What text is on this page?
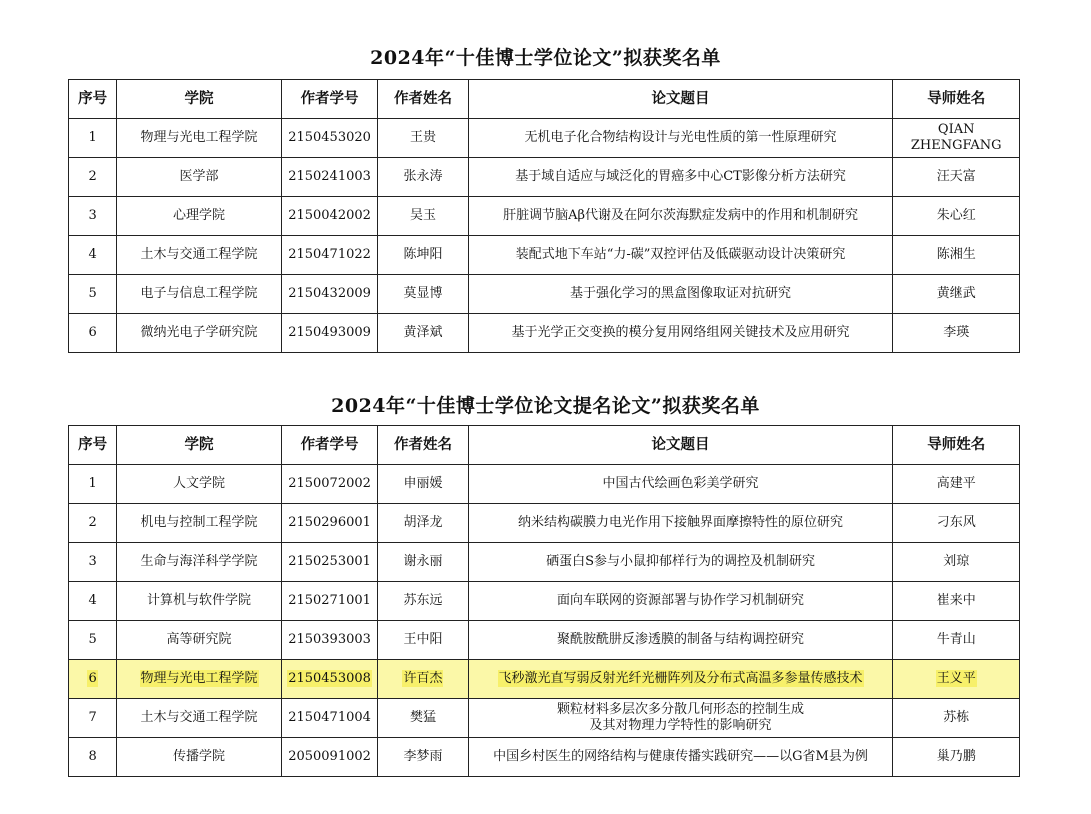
2024年“十佳博士学位论文”拟获奖名单
序号	学院	作者学号	作者姓名	论文题目	导师姓名
1	物理与光电工程学院	2150453020	王贵	无机电子化合物结构设计与光电性质的第一性原理研究	QIAN ZHENGFANG
2	医学部	2150241003	张永涛	基于域自适应与域泛化的胃癌多中心CT影像分析方法研究	汪天富
3	心理学院	2150042002	吴玉	肝脏调节脑Aβ代谢及在阿尔茨海默症发病中的作用和机制研究	朱心红
4	土木与交通工程学院	2150471022	陈坤阳	装配式地下车站“力-碳”双控评估及低碳驱动设计决策研究	陈湘生
5	电子与信息工程学院	2150432009	莫显博	基于强化学习的黑盒图像取证对抗研究	黄继武
6	微纳光电子学研究院	2150493009	黄泽斌	基于光学正交变换的模分复用网络组网关键技术及应用研究	李瑛
2024年“十佳博士学位论文提名论文”拟获奖名单
序号	学院	作者学号	作者姓名	论文题目	导师姓名
1	人文学院	2150072002	申丽媛	中国古代绘画色彩美学研究	高建平
2	机电与控制工程学院	2150296001	胡泽龙	纳米结构碳膜力电光作用下接触界面摩擦特性的原位研究	刁东风
3	生命与海洋科学学院	2150253001	谢永丽	硒蛋白S参与小鼠抑郁样行为的调控及机制研究	刘琼
4	计算机与软件学院	2150271001	苏东远	面向车联网的资源部署与协作学习机制研究	崔来中
5	高等研究院	2150393003	王中阳	聚酰胺酰肼反渗透膜的制备与结构调控研究	牛青山
6	物理与光电工程学院	2150453008	许百杰	飞秒激光直写弱反射光纤光栅阵列及分布式高温多参量传感技术	王义平
7	土木与交通工程学院	2150471004	樊猛	颗粒材料多层次多分散几何形态的控制生成
及其对物理力学特性的影响研究	苏栋
8	传播学院	2050091002	李梦雨	中国乡村医生的网络结构与健康传播实践研究——以G省M县为例	巢乃鹏
